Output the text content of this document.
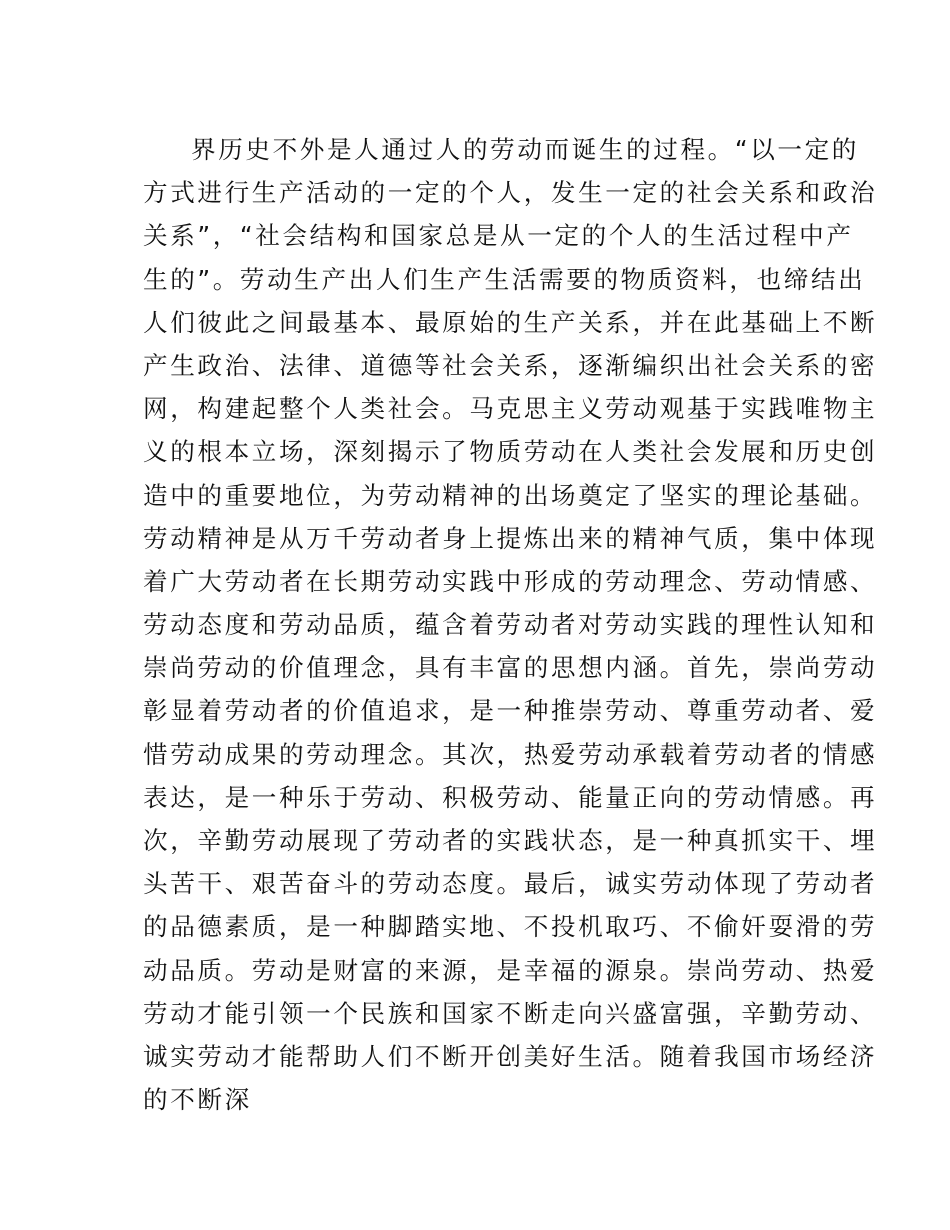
界历史不外是人通过人的劳动而诞生的过程。“以一定的
方式进行生产活动的一定的个人，发生一定的社会关系和政治
关系”，“社会结构和国家总是从一定的个人的生活过程中产
生的”。劳动生产出人们生产生活需要的物质资料，也缔结出
人们彼此之间最基本、最原始的生产关系，并在此基础上不断
产生政治、法律、道德等社会关系，逐渐编织出社会关系的密
网，构建起整个人类社会。马克思主义劳动观基于实践唯物主
义的根本立场，深刻揭示了物质劳动在人类社会发展和历史创
造中的重要地位，为劳动精神的出场奠定了坚实的理论基础。
劳动精神是从万千劳动者身上提炼出来的精神气质，集中体现
着广大劳动者在长期劳动实践中形成的劳动理念、劳动情感、
劳动态度和劳动品质，蕴含着劳动者对劳动实践的理性认知和
崇尚劳动的价值理念，具有丰富的思想内涵。首先，崇尚劳动
彰显着劳动者的价值追求，是一种推崇劳动、尊重劳动者、爱
惜劳动成果的劳动理念。其次，热爱劳动承载着劳动者的情感
表达，是一种乐于劳动、积极劳动、能量正向的劳动情感。再
次，辛勤劳动展现了劳动者的实践状态，是一种真抓实干、埋
头苦干、艰苦奋斗的劳动态度。最后，诚实劳动体现了劳动者
的品德素质，是一种脚踏实地、不投机取巧、不偷奸耍滑的劳
动品质。劳动是财富的来源，是幸福的源泉。崇尚劳动、热爱
劳动才能引领一个民族和国家不断走向兴盛富强，辛勤劳动、
诚实劳动才能帮助人们不断开创美好生活。随着我国市场经济
的不断深
